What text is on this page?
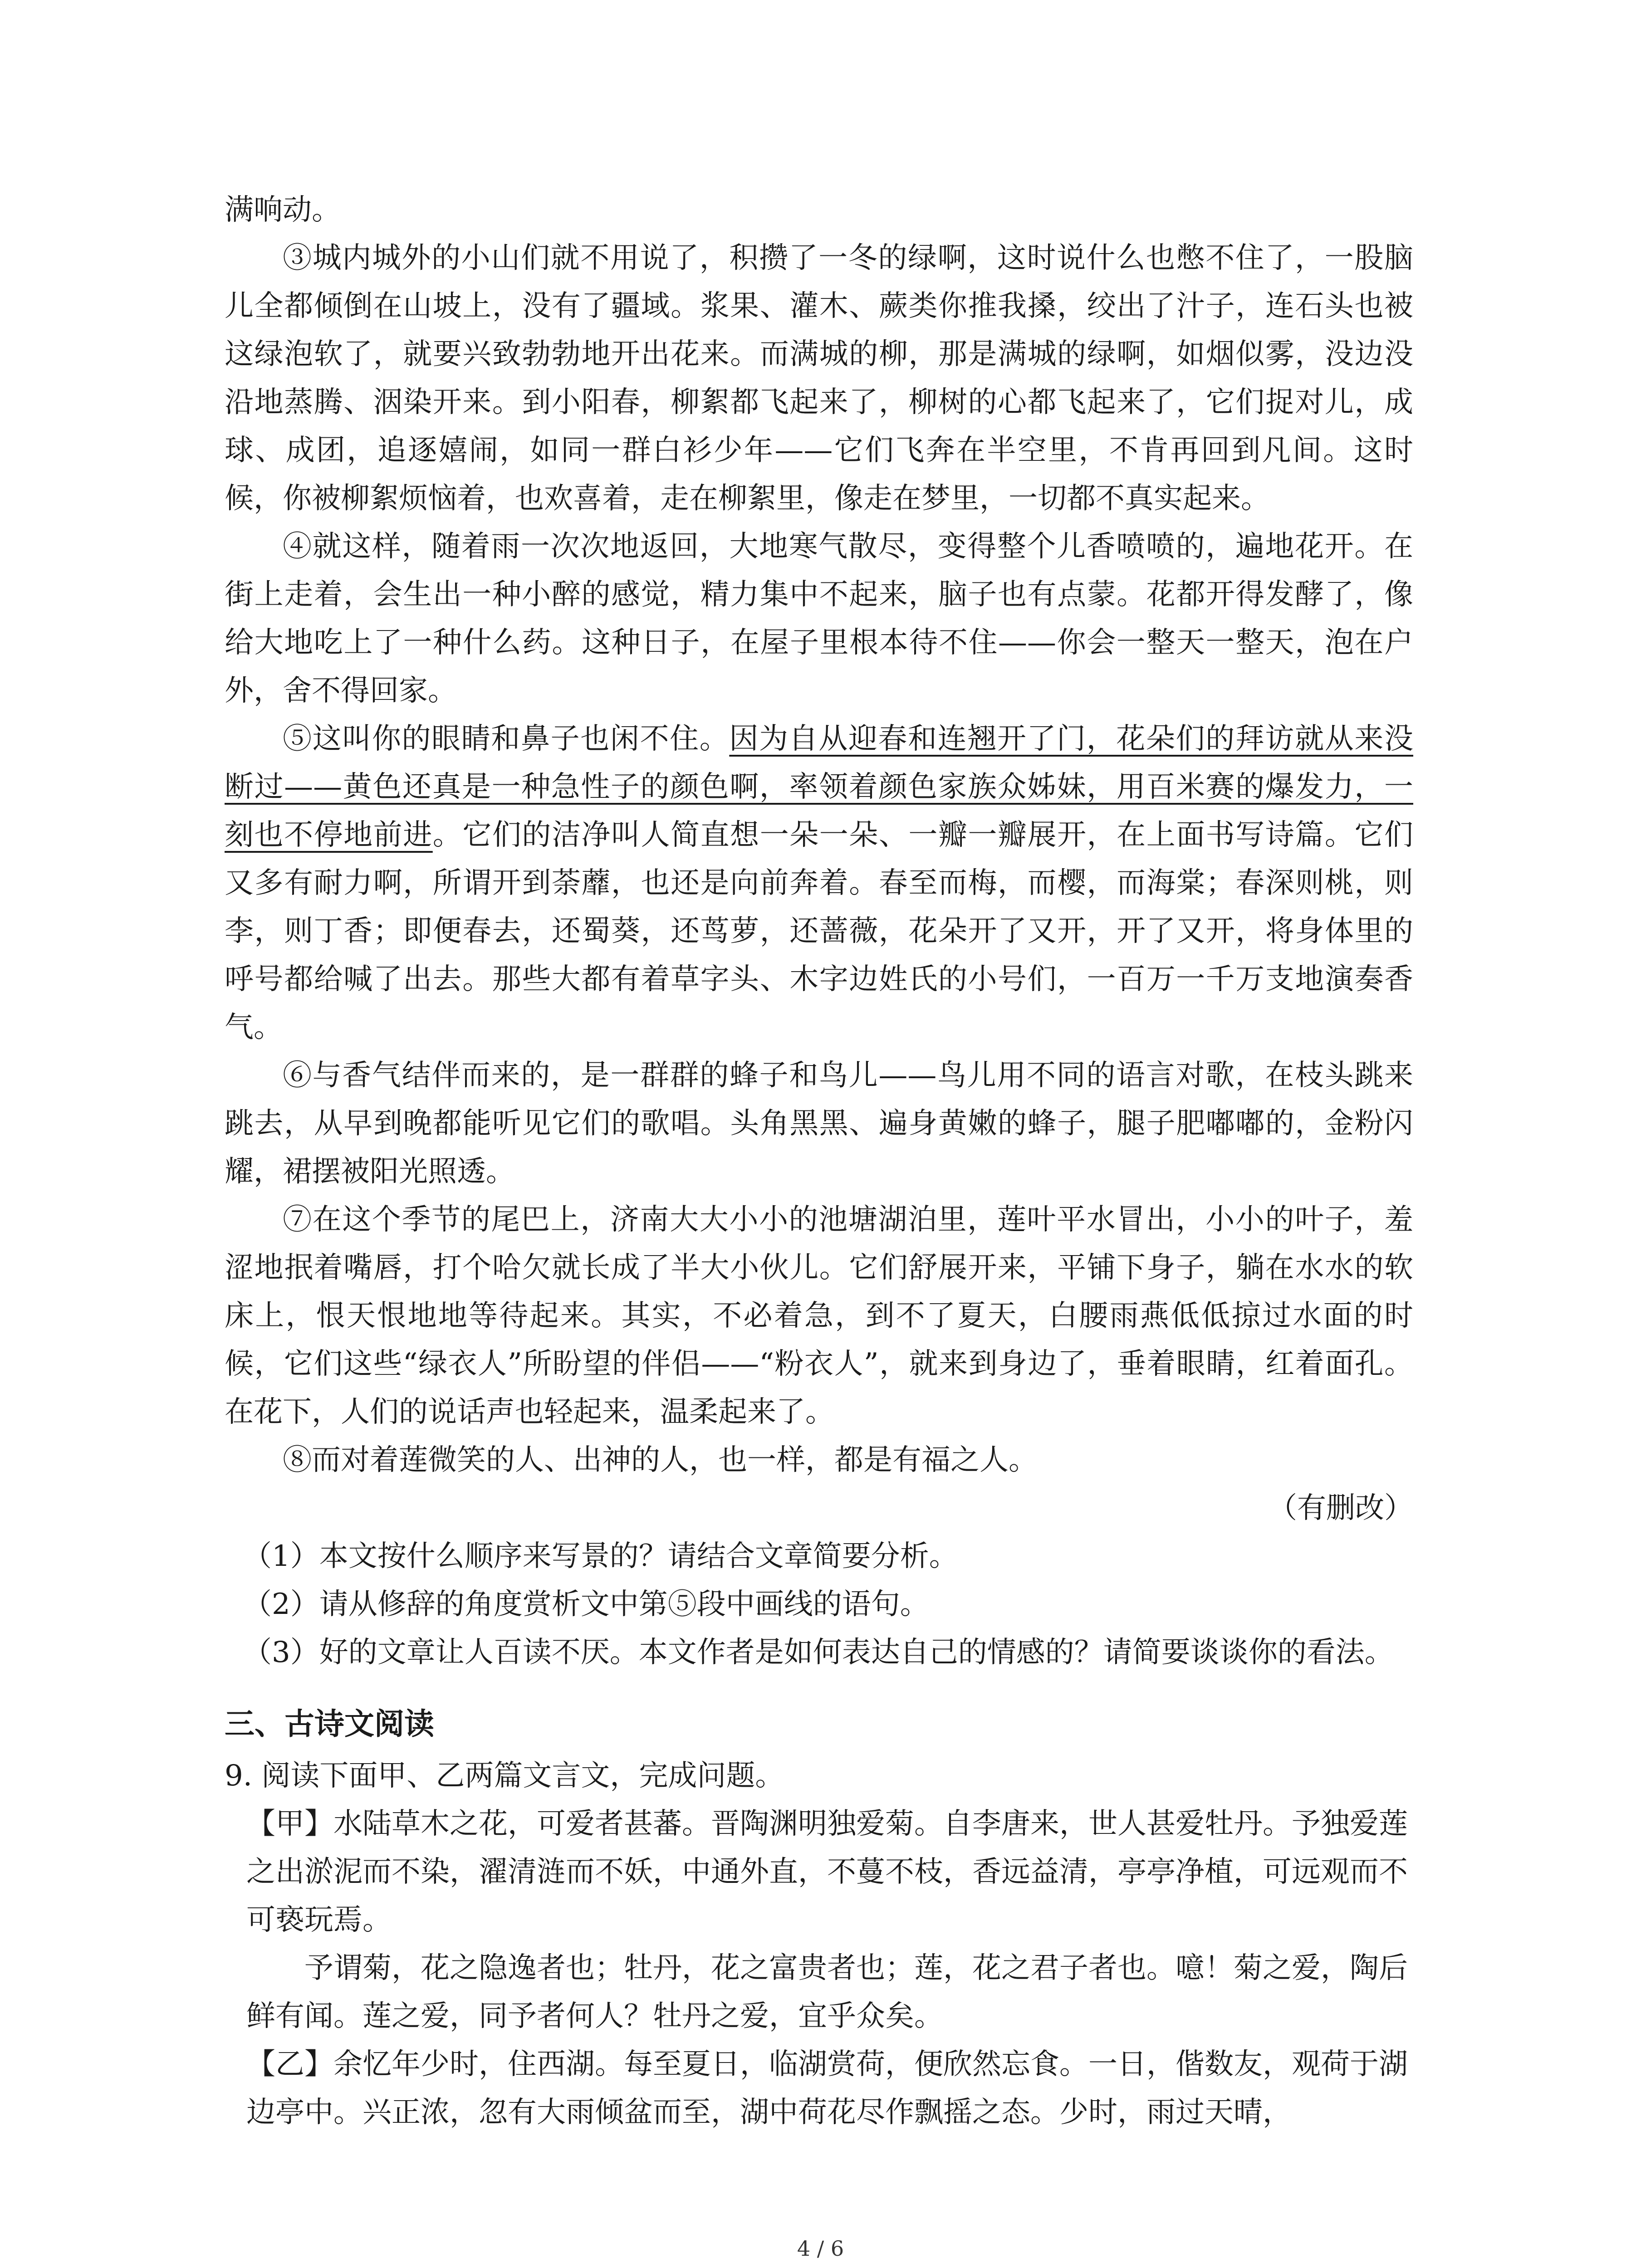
满响动。

③城内城外的小山们就不用说了，积攒了一冬的绿啊，这时说什么也憋不住了，一股脑儿全都倾倒在山坡上，没有了疆域。浆果、灌木、蕨类你推我搡，绞出了汁子，连石头也被这绿泡软了，就要兴致勃勃地开出花来。而满城的柳，那是满城的绿啊，如烟似雾，没边没沿地蒸腾、洇染开来。到小阳春，柳絮都飞起来了，柳树的心都飞起来了，它们捉对儿，成球、成团，追逐嬉闹，如同一群白衫少年——它们飞奔在半空里，不肯再回到凡间。这时候，你被柳絮烦恼着，也欢喜着，走在柳絮里，像走在梦里，一切都不真实起来。

④就这样，随着雨一次次地返回，大地寒气散尽，变得整个儿香喷喷的，遍地花开。在街上走着，会生出一种小醉的感觉，精力集中不起来，脑子也有点蒙。花都开得发酵了，像给大地吃上了一种什么药。这种日子，在屋子里根本待不住——你会一整天一整天，泡在户外，舍不得回家。

⑤这叫你的眼睛和鼻子也闲不住。因为自从迎春和连翘开了门，花朵们的拜访就从来没断过——黄色还真是一种急性子的颜色啊，率领着颜色家族众姊妹，用百米赛的爆发力，一刻也不停地前进。它们的洁净叫人简直想一朵一朵、一瓣一瓣展开，在上面书写诗篇。它们又多有耐力啊，所谓开到荼蘼，也还是向前奔着。春至而梅，而樱，而海棠；春深则桃，则李，则丁香；即便春去，还蜀葵，还茑萝，还蔷薇，花朵开了又开，开了又开，将身体里的呼号都给喊了出去。那些大都有着草字头、木字边姓氏的小号们，一百万一千万支地演奏香气。

⑥与香气结伴而来的，是一群群的蜂子和鸟儿——鸟儿用不同的语言对歌，在枝头跳来跳去，从早到晚都能听见它们的歌唱。头角黑黑、遍身黄嫩的蜂子，腿子肥嘟嘟的，金粉闪耀，裙摆被阳光照透。

⑦在这个季节的尾巴上，济南大大小小的池塘湖泊里，莲叶平水冒出，小小的叶子，羞涩地抿着嘴唇，打个哈欠就长成了半大小伙儿。它们舒展开来，平铺下身子，躺在水水的软床上，恨天恨地地等待起来。其实，不必着急，到不了夏天，白腰雨燕低低掠过水面的时候，它们这些“绿衣人”所盼望的伴侣——“粉衣人”，就来到身边了，垂着眼睛，红着面孔。在花下，人们的说话声也轻起来，温柔起来了。

⑧而对着莲微笑的人、出神的人，也一样，都是有福之人。

（有删改）

（1）本文按什么顺序来写景的？请结合文章简要分析。

（2）请从修辞的角度赏析文中第⑤段中画线的语句。

（3）好的文章让人百读不厌。本文作者是如何表达自己的情感的？请简要谈谈你的看法。

三、古诗文阅读

9. 阅读下面甲、乙两篇文言文，完成问题。

【甲】水陆草木之花，可爱者甚蕃。晋陶渊明独爱菊。自李唐来，世人甚爱牡丹。予独爱莲之出淤泥而不染，濯清涟而不妖，中通外直，不蔓不枝，香远益清，亭亭净植，可远观而不可亵玩焉。

予谓菊，花之隐逸者也；牡丹，花之富贵者也；莲，花之君子者也。噫！菊之爱，陶后鲜有闻。莲之爱，同予者何人？牡丹之爱，宜乎众矣。

【乙】余忆年少时，住西湖。每至夏日，临湖赏荷，便欣然忘食。一日，偕数友，观荷于湖边亭中。兴正浓，忽有大雨倾盆而至，湖中荷花尽作飘摇之态。少时，雨过天晴，

4 / 6
